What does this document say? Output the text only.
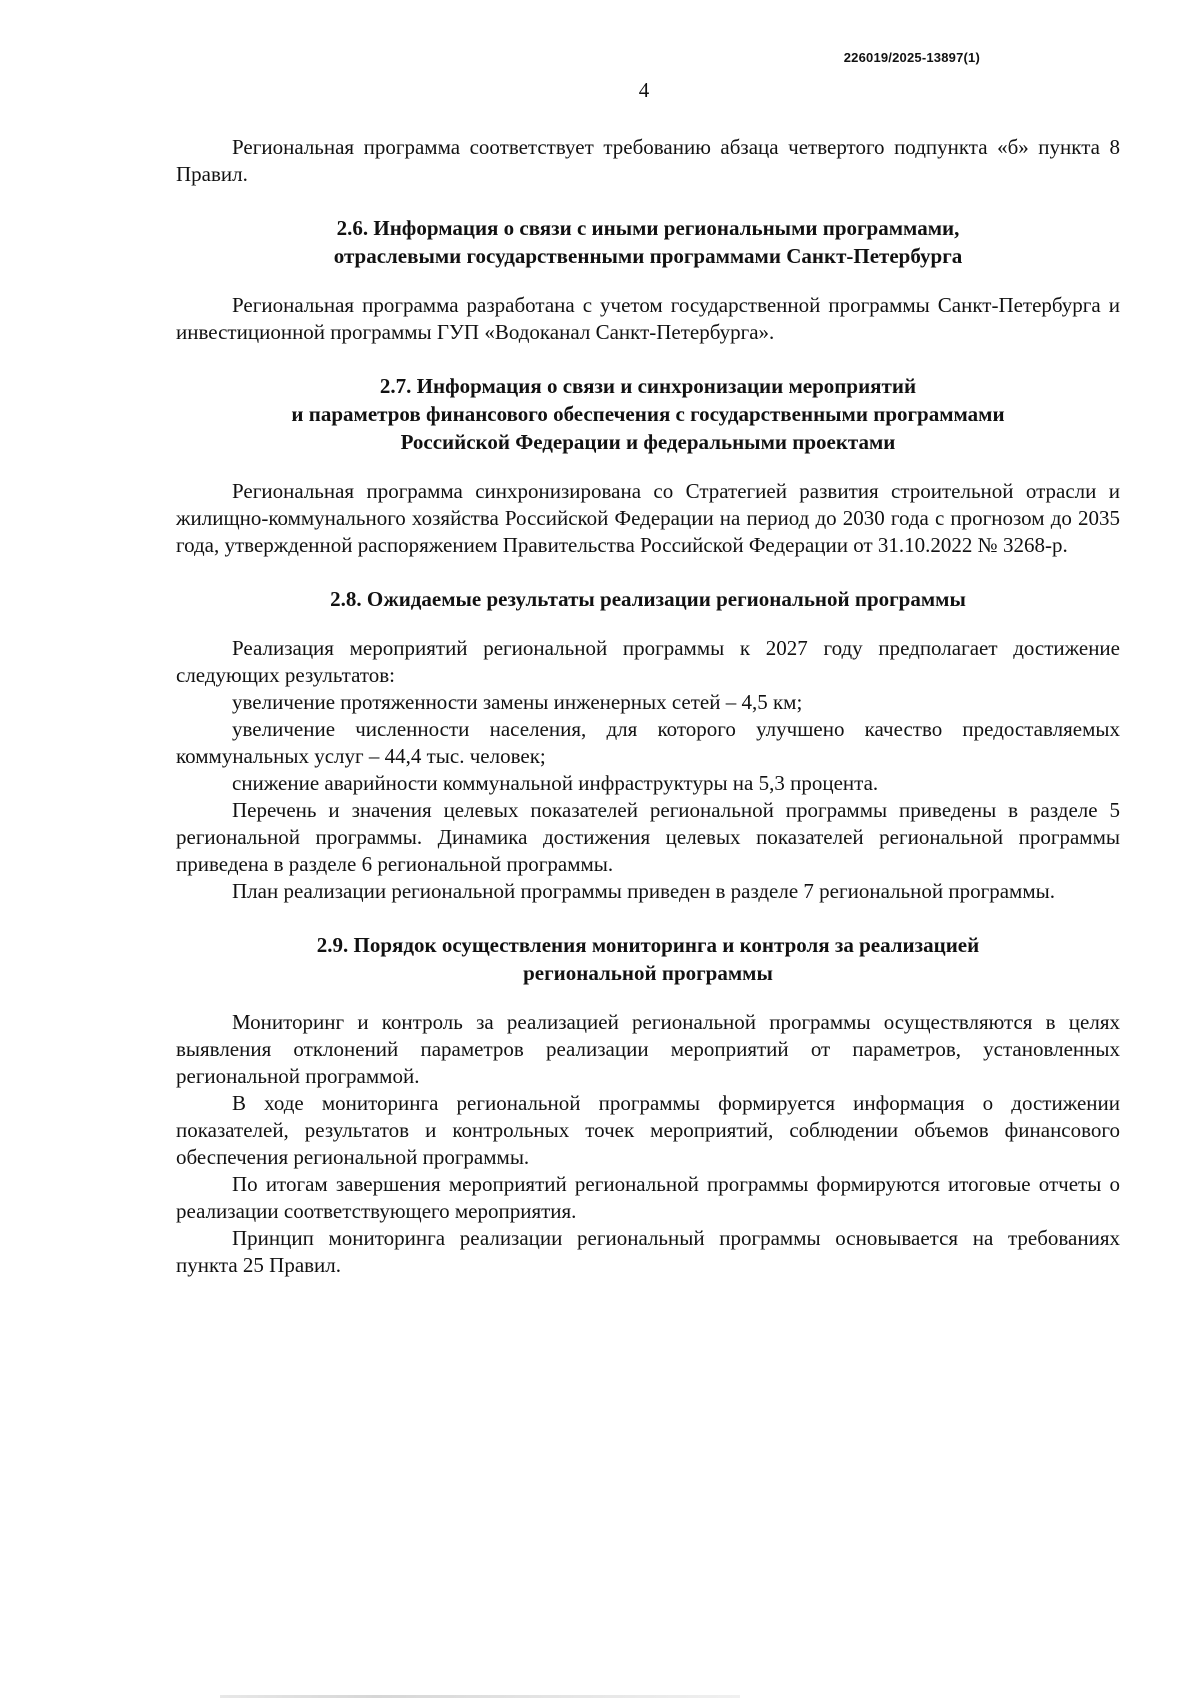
226019/2025-13897(1)
4

Региональная программа соответствует требованию абзаца четвертого подпункта «б» пункта 8 Правил.

2.6. Информация о связи с иными региональными программами,

отраслевыми государственными программами Санкт-Петербурга

Региональная программа разработана с учетом государственной программы Санкт-Петербурга и инвестиционной программы ГУП «Водоканал Санкт-Петербурга».

2.7. Информация о связи и синхронизации мероприятий

и параметров финансового обеспечения с государственными программами

Российской Федерации и федеральными проектами

Региональная программа синхронизирована со Стратегией развития строительной отрасли и жилищно-коммунального хозяйства Российской Федерации на период до 2030 года с прогнозом до 2035 года, утвержденной распоряжением Правительства Российской Федерации от 31.10.2022 № 3268-р.

2.8. Ожидаемые результаты реализации региональной программы

Реализация мероприятий региональной программы к 2027 году предполагает достижение следующих результатов:

увеличение протяженности замены инженерных сетей – 4,5 км;

увеличение численности населения, для которого улучшено качество предоставляемых коммунальных услуг – 44,4 тыс. человек;

снижение аварийности коммунальной инфраструктуры на 5,3 процента.

Перечень и значения целевых показателей региональной программы приведены в разделе 5 региональной программы. Динамика достижения целевых показателей региональной программы приведена в разделе 6 региональной программы.

План реализации региональной программы приведен в разделе 7 региональной программы.

2.9. Порядок осуществления мониторинга и контроля за реализацией

региональной программы

Мониторинг и контроль за реализацией региональной программы осуществляются в целях выявления отклонений параметров реализации мероприятий от параметров, установленных региональной программой.

В ходе мониторинга региональной программы формируется информация о достижении показателей, результатов и контрольных точек мероприятий, соблюдении объемов финансового обеспечения региональной программы.

По итогам завершения мероприятий региональной программы формируются итоговые отчеты о реализации соответствующего мероприятия.

Принцип мониторинга реализации региональный программы основывается на требованиях пункта 25 Правил.
